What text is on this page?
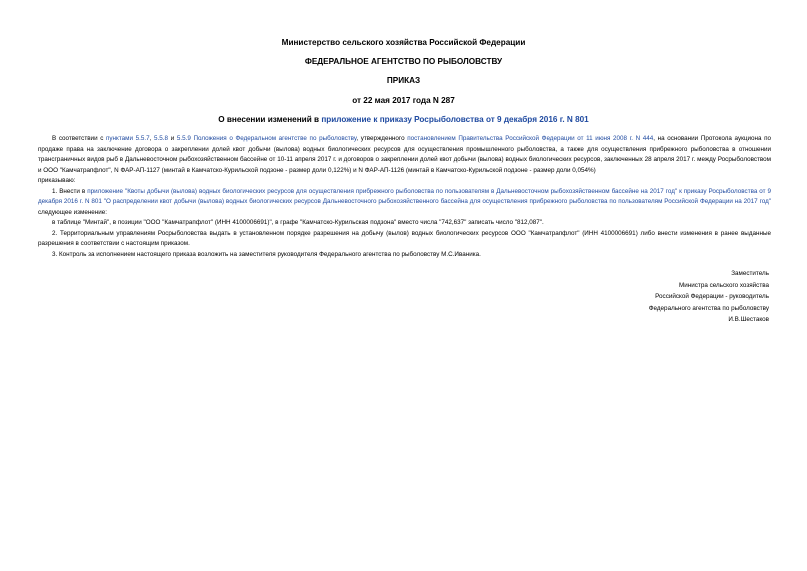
Министерство сельского хозяйства Российской Федерации
ФЕДЕРАЛЬНОЕ АГЕНТСТВО ПО РЫБОЛОВСТВУ
ПРИКАЗ
от 22 мая 2017 года N 287
О внесении изменений в приложение к приказу Росрыболовства от 9 декабря 2016 г. N 801

В соответствии с пунктами 5.5.7, 5.5.8 и 5.5.9 Положения о Федеральном агентстве по рыболовству, утвержденного постановлением Правительства Российской Федерации от 11 июня 2008 г. N 444, на основании Протокола аукциона по продаже права на заключение договора о закреплении долей квот добычи (вылова) водных биологических ресурсов для осуществления промышленного рыболовства, а также для осуществления прибрежного рыболовства в отношении трансграничных видов рыб в Дальневосточном рыбохозяйственном бассейне от 10-11 апреля 2017 г. и договоров о закреплении долей квот добычи (вылова) водных биологических ресурсов, заключенных 28 апреля 2017 г. между Росрыболовством и ООО "Камчатрапфлот", N ФАР-АП-1127 (минтай в Камчатско-Курильской подзоне - размер доли 0,122%) и N ФАР-АП-1126 (минтай в Камчатско-Курильской подзоне - размер доли 0,054%)

приказываю:

1. Внести в приложение "Квоты добычи (вылова) водных биологических ресурсов для осуществления прибрежного рыболовства по пользователям в Дальневосточном рыбохозяйственном бассейне на 2017 год" к приказу Росрыболовства от 9 декабря 2016 г. N 801 "О распределении квот добычи (вылова) водных биологических ресурсов Дальневосточного рыбохозяйственного бассейна для осуществления прибрежного рыболовства по пользователям Российской Федерации на 2017 год" следующее изменение:

в таблице "Минтай", в позиции "ООО "Камчатрапфлот" (ИНН 4100006691)", в графе "Камчатско-Курильская подзона" вместо числа "742,637" записать число "812,087".

2. Территориальным управлениям Росрыболовства выдать в установленном порядке разрешения на добычу (вылов) водных биологических ресурсов ООО "Камчатрапфлот" (ИНН 4100006691) либо внести изменения в ранее выданные разрешения в соответствии с настоящим приказом.

3. Контроль за исполнением настоящего приказа возложить на заместителя руководителя Федерального агентства по рыболовству М.С.Иваника.

Заместитель
Министра сельского хозяйства
Российской Федерации - руководитель
Федерального агентства по рыболовству
И.В.Шестаков
